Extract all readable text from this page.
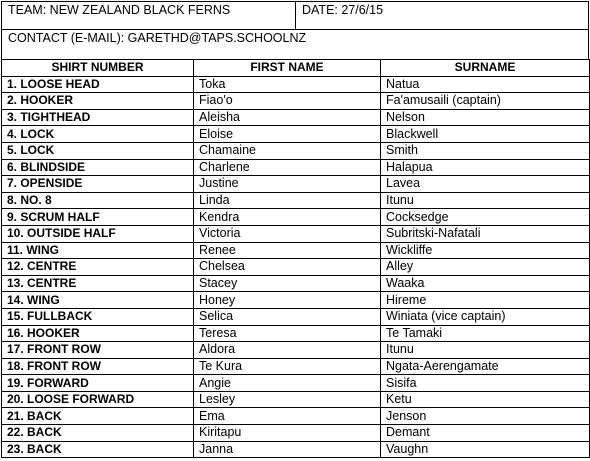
TEAM: NEW ZEALAND BLACK FERNS	DATE: 27/6/15
CONTACT (E-MAIL): GARETHD@TAPS.SCHOOLNZ
SHIRT NUMBER	FIRST NAME	SURNAME
1. LOOSE HEAD	Toka	Natua
2. HOOKER	Fiao'o	Fa'amusaili (captain)
3. TIGHTHEAD	Aleisha	Nelson
4. LOCK	Eloise	Blackwell
5. LOCK	Chamaine	Smith
6. BLINDSIDE	Charlene	Halapua
7. OPENSIDE	Justine	Lavea
8. NO. 8	Linda	Itunu
9. SCRUM HALF	Kendra	Cocksedge
10. OUTSIDE HALF	Victoria	Subritski-Nafatali
11. WING	Renee	Wickliffe
12. CENTRE	Chelsea	Alley
13. CENTRE	Stacey	Waaka
14. WING	Honey	Hireme
15. FULLBACK	Selica	Winiata (vice captain)
16. HOOKER	Teresa	Te Tamaki
17. FRONT ROW	Aldora	Itunu
18. FRONT ROW	Te Kura	Ngata-Aerengamate
19. FORWARD	Angie	Sisifa
20. LOOSE FORWARD	Lesley	Ketu
21. BACK	Ema	Jenson
22. BACK	Kiritapu	Demant
23. BACK	Janna	Vaughn
